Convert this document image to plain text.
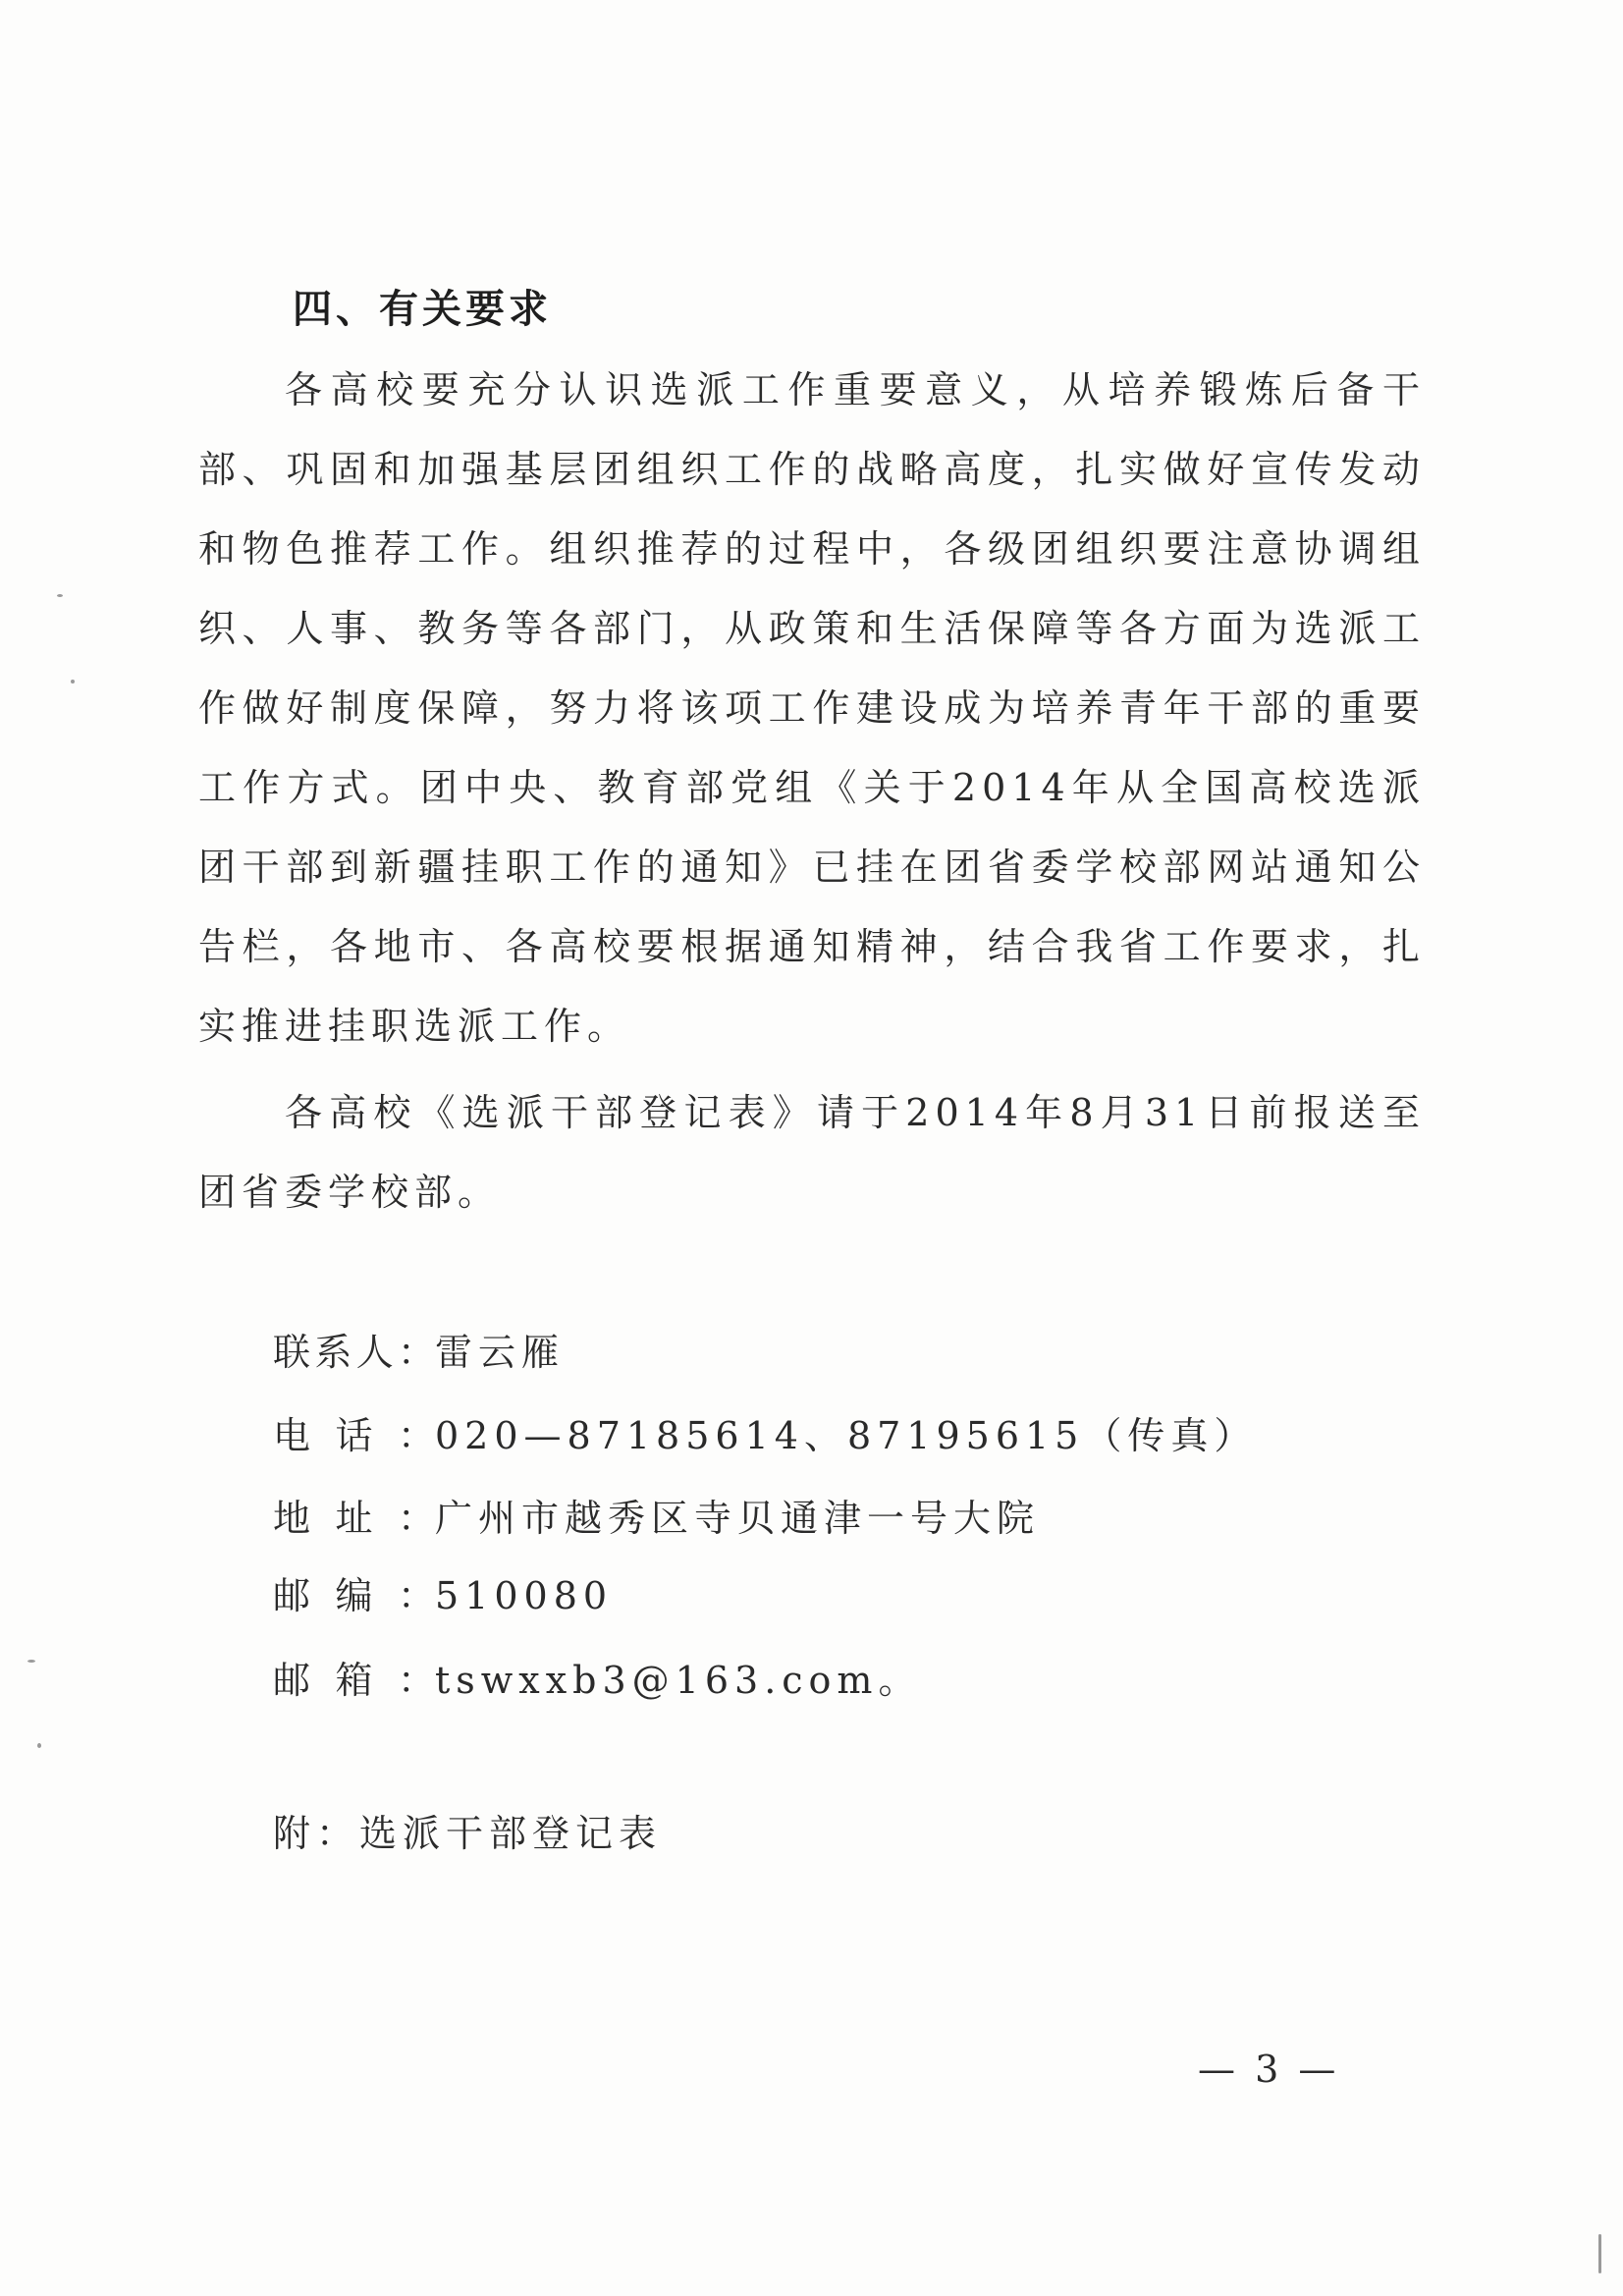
四、有关要求

各高校要充分认识选派工作重要意义，从培养锻炼后备干部、巩固和加强基层团组织工作的战略高度，扎实做好宣传发动和物色推荐工作。组织推荐的过程中，各级团组织要注意协调组织、人事、教务等各部门，从政策和生活保障等各方面为选派工作做好制度保障，努力将该项工作建设成为培养青年干部的重要工作方式。团中央、教育部党组《关于2014年从全国高校选派团干部到新疆挂职工作的通知》已挂在团省委学校部网站通知公告栏，各地市、各高校要根据通知精神，结合我省工作要求，扎实推进挂职选派工作。

各高校《选派干部登记表》请于2014年8月31日前报送至团省委学校部。

联系人：雷云雁
电话：020—87185614、87195615（传真）
地址：广州市越秀区寺贝通津一号大院
邮编：510080
邮箱：tswxxb3@163.com。
附：选派干部登记表
— 3 —
